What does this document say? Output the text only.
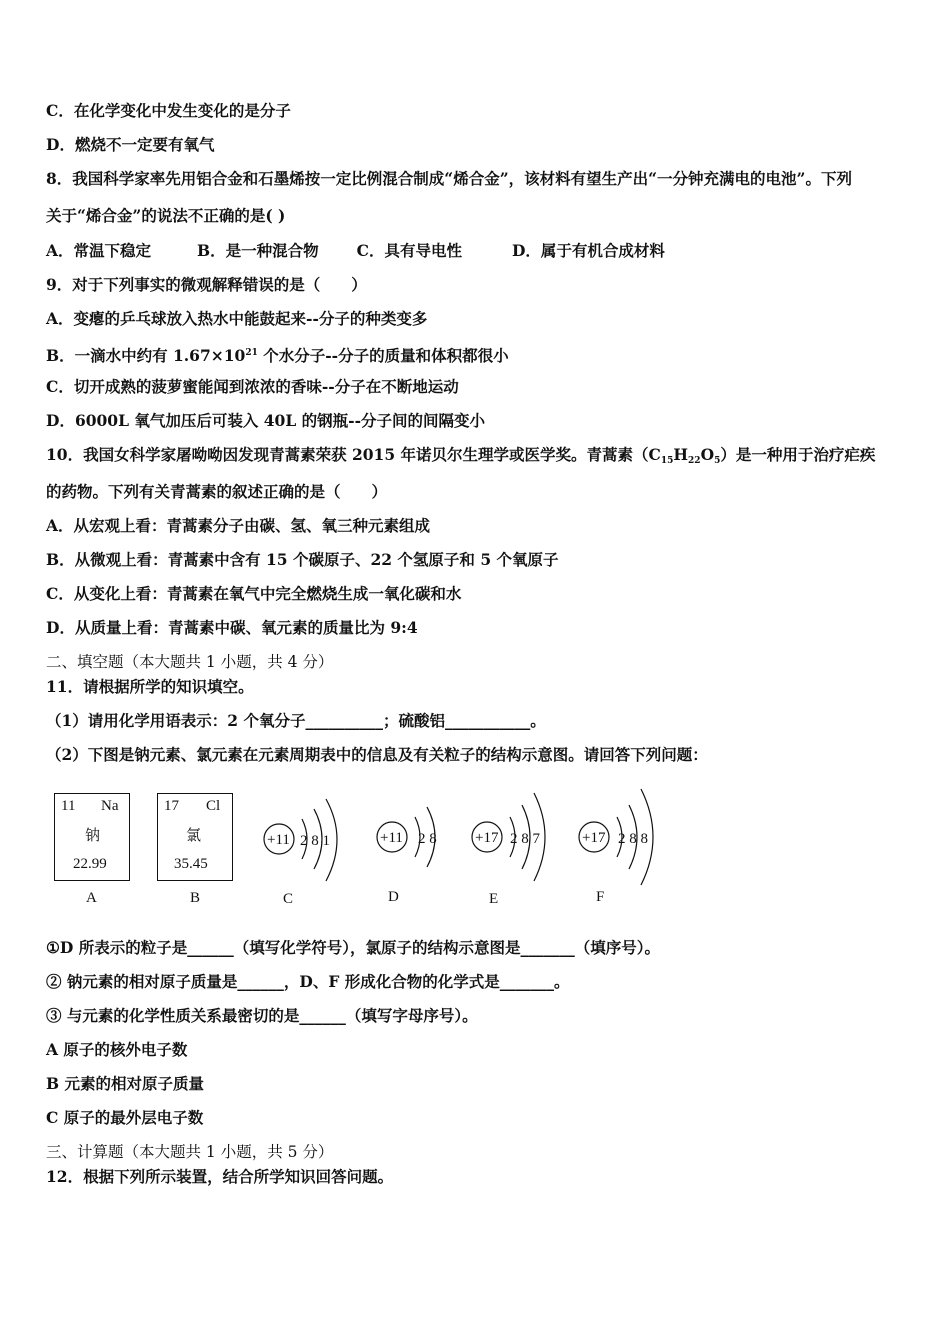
C．在化学变化中发生变化的是分子
D．燃烧不一定要有氧气
8．我国科学家率先用铝合金和石墨烯按一定比例混合制成“烯合金”，该材料有望生产出“一分钟充满电的电池”。下列
关于“烯合金”的说法不正确的是( )
A．常温下稳定	B．是一种混合物 C．具有导电性	D．属于有机合成材料
9．对于下列事实的微观解释错误的是（　　）
A．变瘪的乒乓球放入热水中能鼓起来--分子的种类变多
B．一滴水中约有 $1.67\times 10^{21}$ 个水分子--分子的质量和体积都很小
C．切开成熟的菠萝蜜能闻到浓浓的香味--分子在不断地运动
D．6000L 氧气加压后可装入 40L 的钢瓶--分子间的间隔变小
10．我国女科学家屠呦呦因发现青蒿素荣获 2015 年诺贝尔生理学或医学奖。青蒿素$(C_{15}H_{22}O_5)$是一种用于治疗疟疾
的药物。下列有关青蒿素的叙述正确的是（　　）
A．从宏观上看：青蒿素分子由碳、氢、氧三种元素组成
B．从微观上看：青蒿素中含有 15 个碳原子、22 个氢原子和 5 个氧原子
C．从变化上看：青蒿素在氧气中完全燃烧生成一氧化碳和水
D．从质量上看：青蒿素中碳、氧元素的质量比为 9:4
二、填空题（本大题共 1 小题，共 4 分）
11．请根据所学的知识填空。
（1）请用化学用语表示：2 个氧分子__________；硫酸铝___________。
（2）下图是钠元素、氯元素在元素周期表中的信息及有关粒子的结构示意图。请回答下列问题：
11 Na
钠
22.99
A
17 Cl
氯
35.45
B
+11 2 8 1	+11 2 8	+17 2 8 7	+17 2 8 8
C	D	E	F
①D 所表示的粒子是______（填写化学符号），氯原子的结构示意图是_______（填序号）。
② 钠元素的相对原子质量是______，D、F 形成化合物的化学式是_______。
③ 与元素的化学性质关系最密切的是______（填写字母序号）。
A 原子的核外电子数
B 元素的相对原子质量
C 原子的最外层电子数
三、计算题（本大题共 1 小题，共 5 分）
12．根据下列所示装置，结合所学知识回答问题。
